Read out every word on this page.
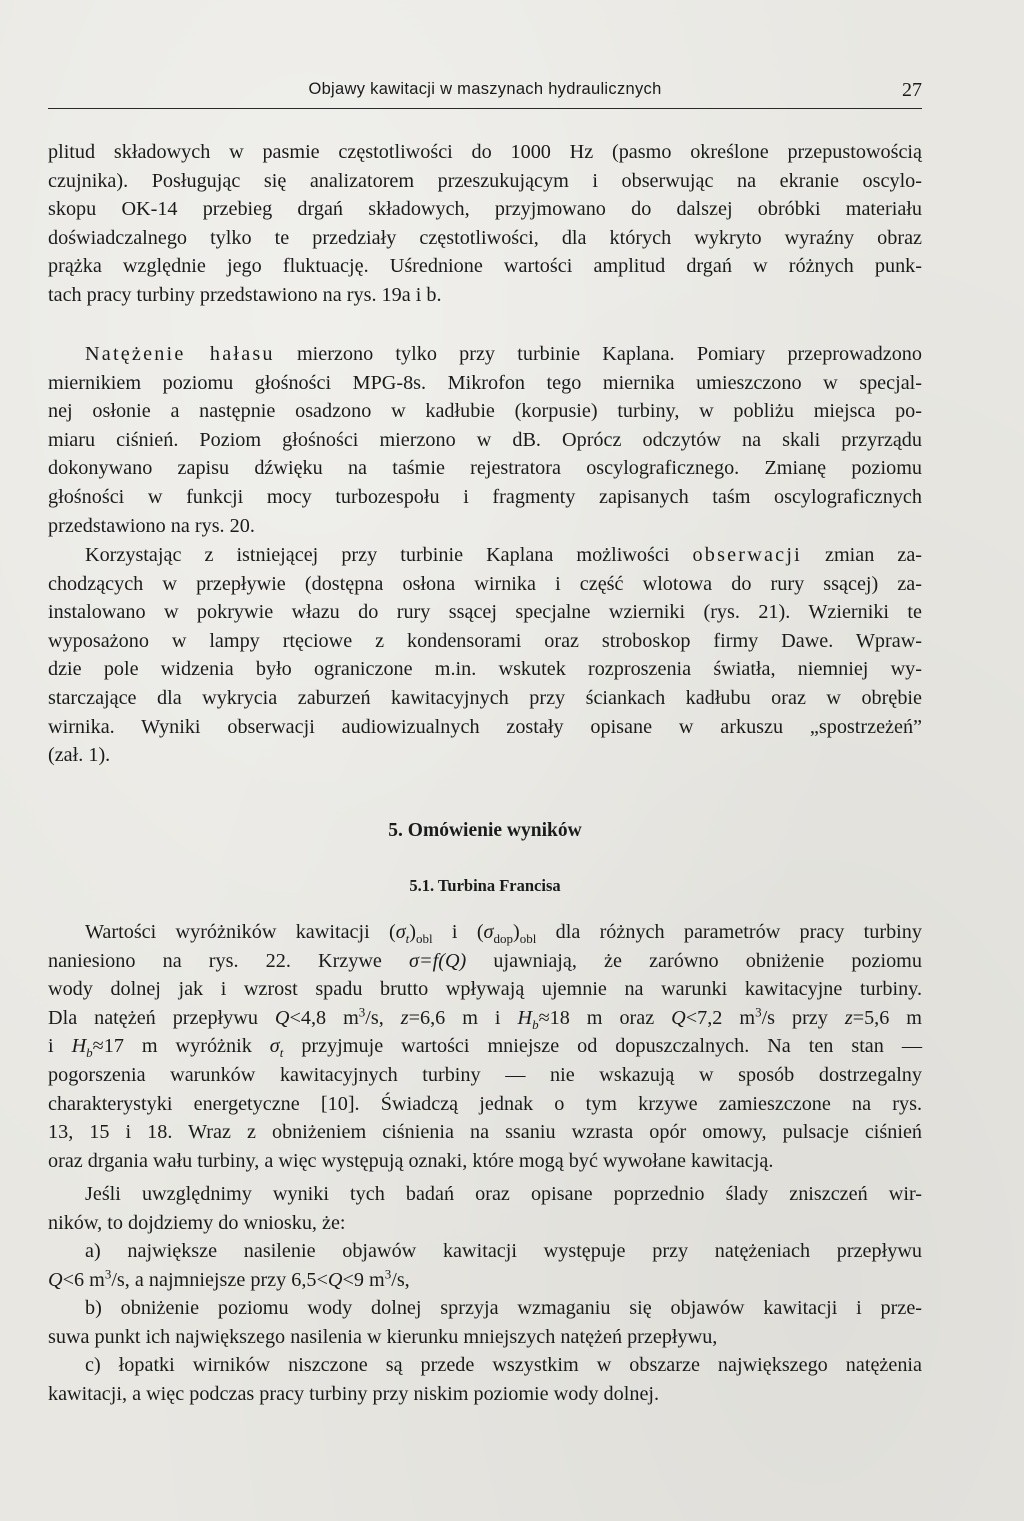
Objawy kawitacji w maszynach hydraulicznych	27
plitud składowych w pasmie częstotliwości do 1000 Hz (pasmo określone przepustowością
czujnika). Posługując się analizatorem przeszukującym i obserwując na ekranie oscylo-
skopu OK-14 przebieg drgań składowych, przyjmowano do dalszej obróbki materiału
doświadczalnego tylko te przedziały częstotliwości, dla których wykryto wyraźny obraz
prążka względnie jego fluktuację. Uśrednione wartości amplitud drgań w różnych punk-
tach pracy turbiny przedstawiono na rys. 19a i b.
Natężenie hałasu mierzono tylko przy turbinie Kaplana. Pomiary przeprowadzono
miernikiem poziomu głośności MPG-8s. Mikrofon tego miernika umieszczono w specjal-
nej osłonie a następnie osadzono w kadłubie (korpusie) turbiny, w pobliżu miejsca po-
miaru ciśnień. Poziom głośności mierzono w dB. Oprócz odczytów na skali przyrządu
dokonywano zapisu dźwięku na taśmie rejestratora oscylograficznego. Zmianę poziomu
głośności w funkcji mocy turbozespołu i fragmenty zapisanych taśm oscylograficznych
przedstawiono na rys. 20.
Korzystając z istniejącej przy turbinie Kaplana możliwości obserwacji zmian za-
chodzących w przepływie (dostępna osłona wirnika i część wlotowa do rury ssącej) za-
instalowano w pokrywie włazu do rury ssącej specjalne wzierniki (rys. 21). Wzierniki te
wyposażono w lampy rtęciowe z kondensorami oraz stroboskop firmy Dawe. Wpraw-
dzie pole widzenia było ograniczone m.in. wskutek rozproszenia światła, niemniej wy-
starczające dla wykrycia zaburzeń kawitacyjnych przy ściankach kadłubu oraz w obrębie
wirnika. Wyniki obserwacji audiowizualnych zostały opisane w arkuszu „spostrzeżeń”
(zał. 1).
5. Omówienie wyników
5.1. Turbina Francisa
Wartości wyróżników kawitacji $(\sigma_t)_{obl}$ i $(\sigma_{dop})_{obl}$ dla różnych parametrów pracy turbiny
naniesiono na rys. 22. Krzywe σ=f(Q) ujawniają, że zarówno obniżenie poziomu
wody dolnej jak i wzrost spadu brutto wpływają ujemnie na warunki kawitacyjne turbiny.
Dla natężeń przepływu Q<4,8 $m^3/s$, z=6,6 m i $H_b\approx 18$ m oraz Q<7,2 $m^3/s$ przy z=5,6 m
i $H_b\approx 17$ m wyróżnik $\sigma_t$ przyjmuje wartości mniejsze od dopuszczalnych. Na ten stan —
pogorszenia warunków kawitacyjnych turbiny — nie wskazują w sposób dostrzegalny
charakterystyki energetyczne [10]. Świadczą jednak o tym krzywe zamieszczone na rys.
13, 15 i 18. Wraz z obniżeniem ciśnienia na ssaniu wzrasta opór omowy, pulsacje ciśnień
oraz drgania wału turbiny, a więc występują oznaki, które mogą być wywołane kawitacją.
Jeśli uwzględnimy wyniki tych badań oraz opisane poprzednio ślady zniszczeń wir-
ników, to dojdziemy do wniosku, że:
a) największe nasilenie objawów kawitacji występuje przy natężeniach przepływu
Q<6 $m^3/s$, a najmniejsze przy 6,5<Q<9 $m^3/s$,
b) obniżenie poziomu wody dolnej sprzyja wzmaganiu się objawów kawitacji i prze-
suwa punkt ich największego nasilenia w kierunku mniejszych natężeń przepływu,
c) łopatki wirników niszczone są przede wszystkim w obszarze największego natężenia
kawitacji, a więc podczas pracy turbiny przy niskim poziomie wody dolnej.
